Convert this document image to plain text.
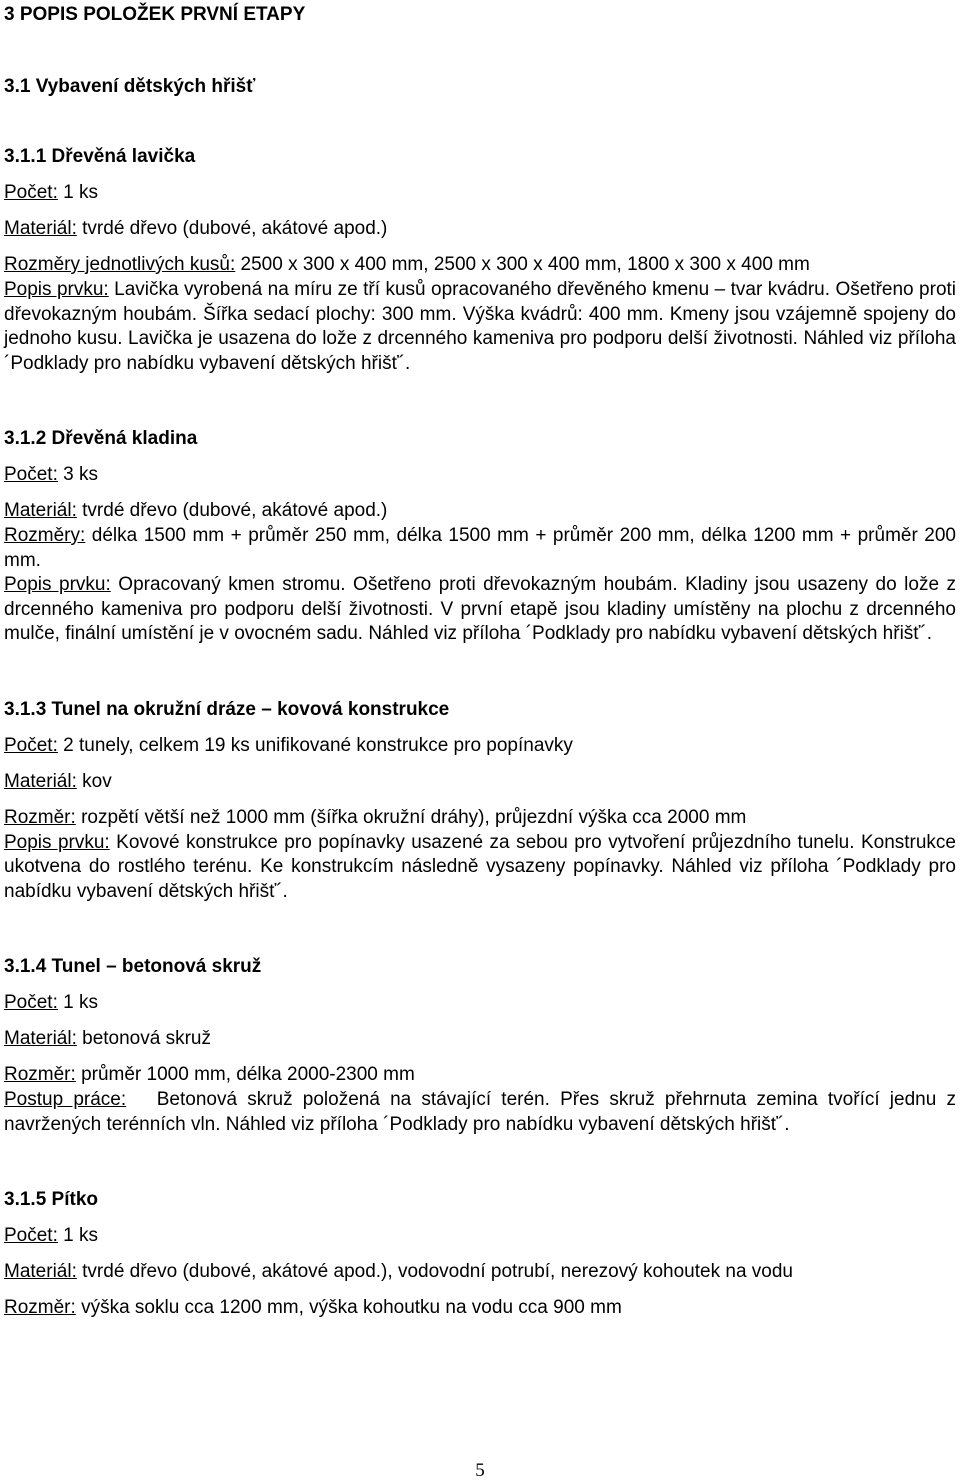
3 POPIS POLOŽEK PRVNÍ ETAPY

3.1 Vybavení dětských hřišť

3.1.1 Dřevěná lavička

Počet: 1 ks

Materiál: tvrdé dřevo (dubové, akátové apod.)

Rozměry jednotlivých kusů: 2500 x 300 x 400 mm, 2500 x 300 x 400 mm, 1800 x 300 x 400 mm

Popis prvku: Lavička vyrobená na míru ze tří kusů opracovaného dřevěného kmenu – tvar kvádru. Ošetřeno proti dřevokazným houbám. Šířka sedací plochy: 300 mm. Výška kvádrů: 400 mm. Kmeny jsou vzájemně spojeny do jednoho kusu. Lavička je usazena do lože z drcenného kameniva pro podporu delší životnosti. Náhled viz příloha ´Podklady pro nabídku vybavení dětských hřišť´.

3.1.2 Dřevěná kladina

Počet: 3 ks

Materiál: tvrdé dřevo (dubové, akátové apod.)

Rozměry: délka 1500 mm + průměr 250 mm, délka 1500 mm + průměr 200 mm, délka 1200 mm + průměr 200 mm.

Popis prvku: Opracovaný kmen stromu. Ošetřeno proti dřevokazným houbám. Kladiny jsou usazeny do lože z drcenného kameniva pro podporu delší životnosti. V první etapě jsou kladiny umístěny na plochu z drcenného mulče, finální umístění je v ovocném sadu. Náhled viz příloha ´Podklady pro nabídku vybavení dětských hřišť´.

3.1.3 Tunel na okružní dráze – kovová konstrukce

Počet: 2 tunely, celkem 19 ks unifikované konstrukce pro popínavky

Materiál: kov

Rozměr: rozpětí větší než 1000 mm (šířka okružní dráhy), průjezdní výška cca 2000 mm

Popis prvku: Kovové konstrukce pro popínavky usazené za sebou pro vytvoření průjezdního tunelu. Konstrukce ukotvena do rostlého terénu. Ke konstrukcím následně vysazeny popínavky. Náhled viz příloha ´Podklady pro nabídku vybavení dětských hřišť´.

3.1.4 Tunel – betonová skruž

Počet: 1 ks

Materiál: betonová skruž

Rozměr: průměr 1000 mm, délka 2000-2300 mm

Postup práce: Betonová skruž položená na stávající terén. Přes skruž přehrnuta zemina tvořící jednu z navržených terénních vln. Náhled viz příloha ´Podklady pro nabídku vybavení dětských hřišť´.

3.1.5 Pítko

Počet: 1 ks

Materiál: tvrdé dřevo (dubové, akátové apod.), vodovodní potrubí, nerezový kohoutek na vodu

Rozměr: výška soklu cca 1200 mm, výška kohoutku na vodu cca 900 mm

5
